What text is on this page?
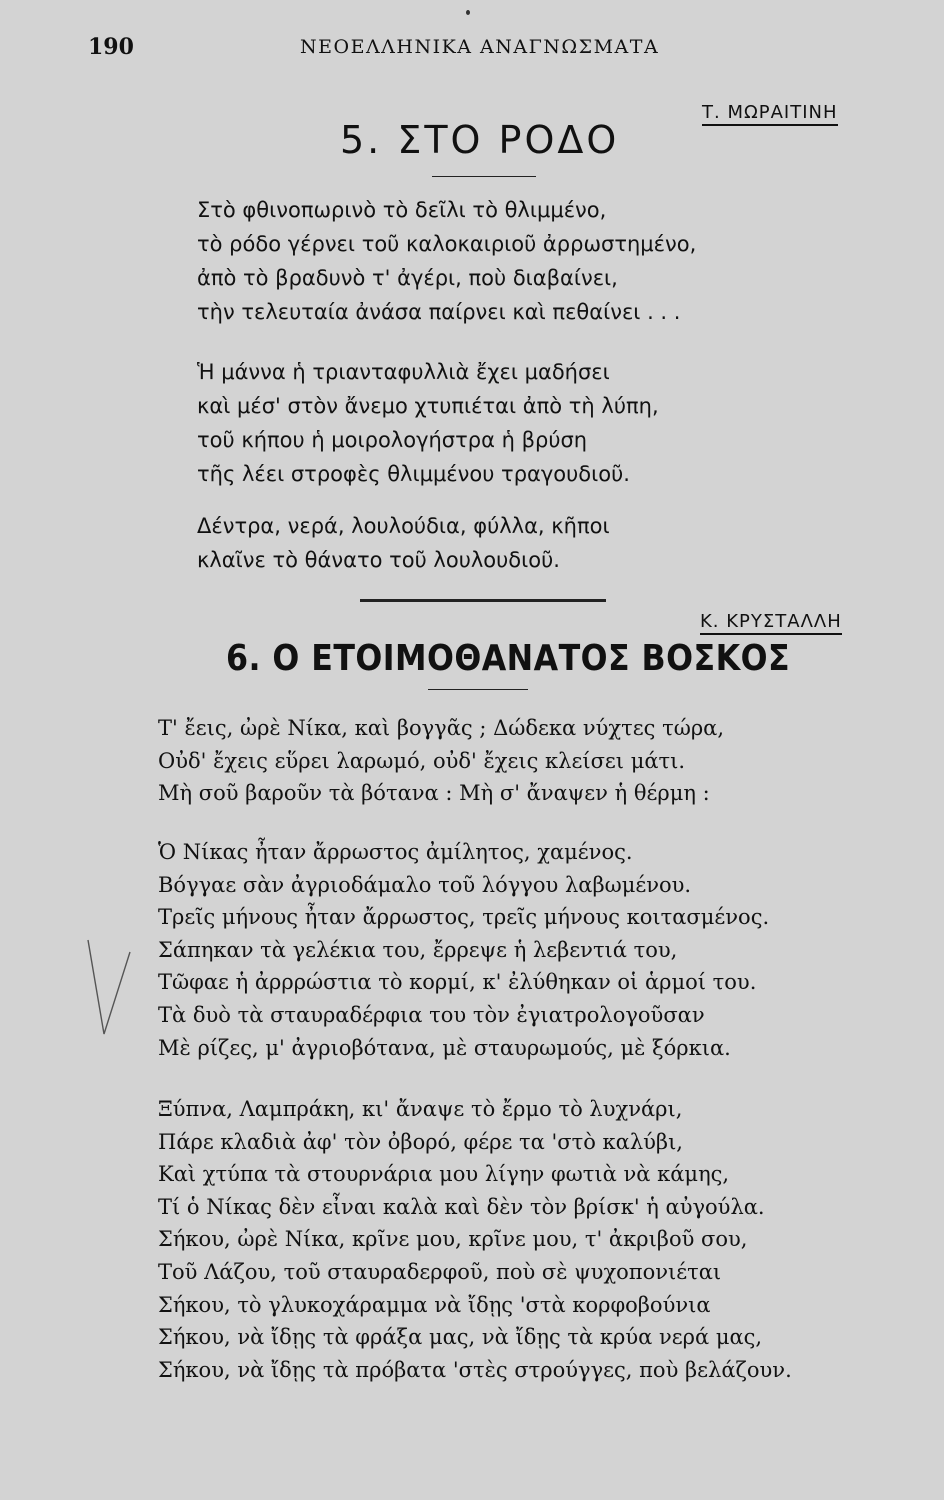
190	ΝΕΟΕΛΛΗΝΙΚΑ ΑΝΑΓΝΩΣΜΑΤΑ
Τ. ΜΩΡΑΙΤΙΝΗ
5. ΣΤΟ ΡΟΔΟ
Στὸ φθινοπωρινὸ τὸ δεῖλι τὸ θλιμμένο,
τὸ ρόδο γέρνει τοῦ καλοκαιριοῦ ἀρρωστημένο,
ἀπὸ τὸ βραδυνὸ τ' ἀγέρι, ποὺ διαβαίνει,
τὴν τελευταία ἀνάσα παίρνει καὶ πεθαίνει . . .
Ἡ μάννα ἡ τριανταφυλλιὰ ἔχει μαδήσει
καὶ μέσ' στὸν ἄνεμο χτυπιέται ἀπὸ τὴ λύπη,
τοῦ κήπου ἡ μοιρολογήστρα ἡ βρύση
τῆς λέει στροφὲς θλιμμένου τραγουδιοῦ.
Δέντρα, νερά, λουλούδια, φύλλα, κῆποι
κλαῖνε τὸ θάνατο τοῦ λουλουδιοῦ.
Κ. ΚΡΥΣΤΑΛΛΗ
6. Ο ΕΤΟΙΜΟΘΑΝΑΤΟΣ ΒΟΣΚΟΣ
Τ' ἔεις, ὠρὲ Νίκα, καὶ βογγᾶς ; Δώδεκα νύχτες τώρα,
Οὐδ' ἔχεις εὕρει λαρωμό, οὐδ' ἔχεις κλείσει μάτι.
Μὴ σοῦ βαροῦν τὰ βότανα : Μὴ σ' ἄναψεν ἡ θέρμη :
Ὁ Νίκας ἦταν ἄρρωστος ἀμίλητος, χαμένος.
Βόγγαε σὰν ἀγριοδάμαλο τοῦ λόγγου λαβωμένου.
Τρεῖς μήνους ἦταν ἄρρωστος, τρεῖς μήνους κοιτασμένος.
Σάπηκαν τὰ γελέκια του, ἔρρεψε ἡ λεβεντιά του,
Τῶφαε ἡ ἀρρρώστια τὸ κορμί, κ' ἐλύθηκαν οἱ ἁρμοί του.
Τὰ δυὸ τὰ σταυραδέρφια του τὸν ἐγιατρολογοῦσαν
Μὲ ρίζες, μ' ἀγριοβότανα, μὲ σταυρωμούς, μὲ ξόρκια.
Ξύπνα, Λαμπράκη, κι' ἄναψε τὸ ἔρμο τὸ λυχνάρι,
Πάρε κλαδιὰ ἀφ' τὸν ὀβορό, φέρε τα 'στὸ καλύβι,
Καὶ χτύπα τὰ στουρνάρια μου λίγην φωτιὰ νὰ κάμης,
Τί ὁ Νίκας δὲν εἶναι καλὰ καὶ δὲν τὸν βρίσκ' ἡ αὐγούλα.
Σήκου, ὠρὲ Νίκα, κρῖνε μου, κρῖνε μου, τ' ἀκριβοῦ σου,
Τοῦ Λάζου, τοῦ σταυραδερφοῦ, ποὺ σὲ ψυχοπονιέται
Σήκου, τὸ γλυκοχάραμμα νὰ ἴδῃς 'στὰ κορφοβούνια
Σήκου, νὰ ἴδῃς τὰ φράξα μας, νὰ ἴδῃς τὰ κρύα νερά μας,
Σήκου, νὰ ἴδῃς τὰ πρόβατα 'στὲς στρούγγες, ποὺ βελάζουν.
